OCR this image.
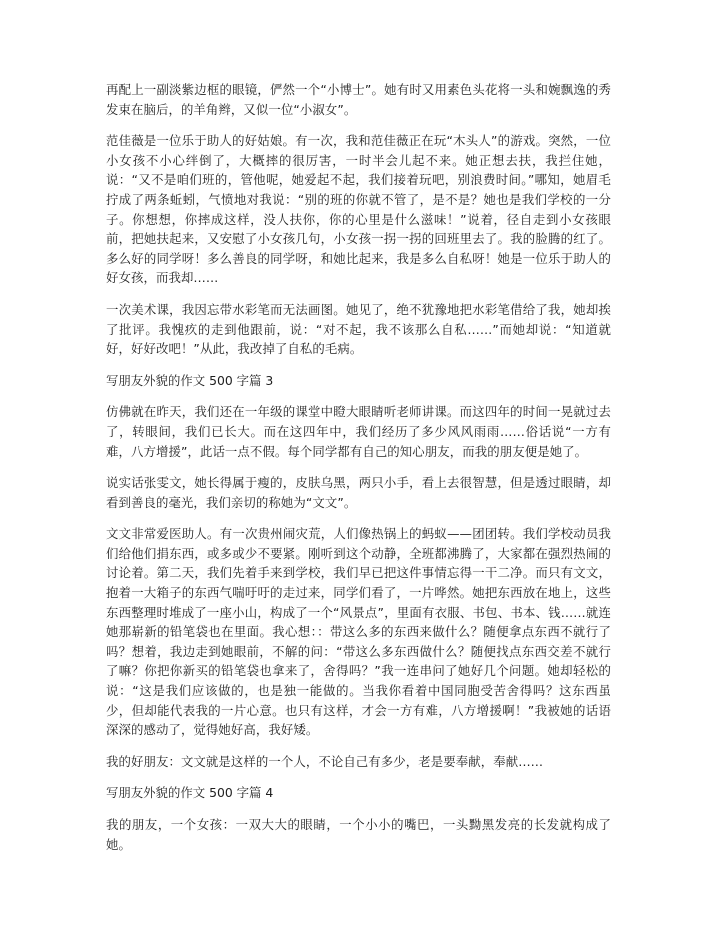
再配上一副淡紫边框的眼镜，俨然一个“小博士”。她有时又用素色头花将一头和婉飘逸的秀发束在脑后，的羊角辫，又似一位“小淑女”。

范佳薇是一位乐于助人的好姑娘。有一次，我和范佳薇正在玩“木头人”的游戏。突然，一位小女孩不小心绊倒了，大概摔的很厉害，一时半会儿起不来。她正想去扶，我拦住她，说：“又不是咱们班的，管他呢，她爱起不起，我们接着玩吧，别浪费时间。”哪知，她眉毛拧成了两条蚯蚓，气愤地对我说：“别的班的你就不管了，是不是？她也是我们学校的一分子。你想想，你摔成这样，没人扶你，你的心里是什么滋味！”说着，径自走到小女孩眼前，把她扶起来，又安慰了小女孩几句，小女孩一拐一拐的回班里去了。我的脸腾的红了。多么好的同学呀！多么善良的同学呀，和她比起来，我是多么自私呀！她是一位乐于助人的好女孩，而我却……

一次美术课，我因忘带水彩笔而无法画图。她见了，绝不犹豫地把水彩笔借给了我，她却挨了批评。我愧疚的走到他跟前，说：“对不起，我不该那么自私……”而她却说：“知道就好，好好改吧！”从此，我改掉了自私的毛病。

写朋友外貌的作文 500 字篇 3

仿佛就在昨天，我们还在一年级的课堂中瞪大眼睛听老师讲课。而这四年的时间一晃就过去了，转眼间，我们已长大。而在这四年中，我们经历了多少风风雨雨……俗话说“一方有难，八方增援”，此话一点不假。每个同学都有自己的知心朋友，而我的朋友便是她了。

说实话张雯文，她长得属于瘦的，皮肤乌黑，两只小手，看上去很智慧，但是透过眼睛，却看到善良的毫光，我们亲切的称她为“文文”。

文文非常爱医助人。有一次贵州闹灾荒，人们像热锅上的蚂蚁——团团转。我们学校动员我们给他们捐东西，或多或少不要紧。刚听到这个动静，全班都沸腾了，大家都在强烈热闹的讨论着。第二天，我们先着手来到学校，我们早已把这件事情忘得一干二净。而只有文文，抱着一大箱子的东西气喘吁吁的走过来，同学们看了，一片哗然。她把东西放在地上，这些东西整理时堆成了一座小山，构成了一个“风景点”，里面有衣服、书包、书本、钱……就连她那崭新的铅笔袋也在里面。我心想：：带这么多的东西来做什么？随便拿点东西不就行了吗？想着，我边走到她眼前，不解的问：“带这么多东西做什么？随便找点东西交差不就行了嘛？你把你新买的铅笔袋也拿来了，舍得吗？”我一连串问了她好几个问题。她却轻松的说：“这是我们应该做的，也是独一能做的。当我你看着中国同胞受苦舍得吗？这东西虽少，但却能代表我的一片心意。也只有这样，才会一方有难，八方增援啊！”我被她的话语深深的感动了，觉得她好高，我好矮。

我的好朋友：文文就是这样的一个人，不论自己有多少，老是要奉献，奉献……

写朋友外貌的作文 500 字篇 4

我的朋友，一个女孩：一双大大的眼睛，一个小小的嘴巴，一头黝黑发亮的长发就构成了她。
